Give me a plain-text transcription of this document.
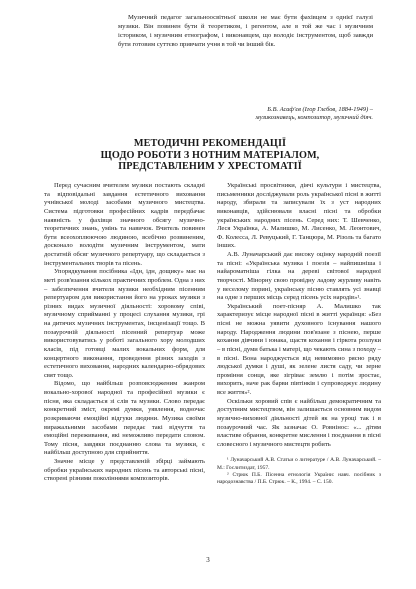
Музичний педагог загальноосвітньої школи не має бути фахівцем з однієї галузі музики. Він повинен бути й теоретиком, і регентом, але в той же час і музичним істориком, і музичним етнографом, і виконавцем, що володіє інструментом, щоб завжди бути готовим суттєво привчати учня в той чи інший бік.

Б.В. Асаф'єв (Ігор Глєбов, 1884-1949) –
музикознавець, композитор, музичний діяч.
МЕТОДИЧНІ РЕКОМЕНДАЦІЇ
ЩОДО РОБОТИ З НОТНИМ МАТЕРІАЛОМ,
ПРЕДСТАВЛЕНИМ У ХРЕСТОМАТІЇ

Перед сучасним вчителем музики постають складні та відповідальні завдання естетичного виховання учнівської молоді засобами музичного мистецтва. Система підготовки професійних кадрів передбачає наявність у фахівця значного обсягу музично-теоретичних знань, умінь та навичок. Вчитель повинен бути всеохоплюючою людиною, всебічно розвиненим, досконало володіти музичним інструментом, мати достатній обсяг музичного репертуару, що складається з інструментальних творів та пісень.

Упорядкування посібника «Ідн, ідн, дощику» має на меті розв'язання кількох практичних проблем. Одна з них – забезпечення вчителя музики необхідним пісенним репертуаром для використання його на уроках музики з різних видах музичної діяльності: хоровому співі, музичному сприйманні у процесі слухання музики, грі на дитячих музичних інструментах, інсценізації тощо. В позаурочній діяльності пісенний репертуар може використовуватись у роботі загального хору молодших класів, під готовці малих вокальних форм, для концертного виконання, проведення різних заходів з естетичного виховання, народних календарно-обрядових свят тощо.

Відомо, що найбільш розповсюдженим жанром вокально-хорової народної та професійної музики є пісня, яка складається зі слів та музики. Слово передає конкретний зміст, окремі думки, уявлення, водночас розкриваючи емоційні відгуки людини. Музика своїми виражальними засобами передає такі відчуття та емоційні переживання, які неможливо передати словом. Тому пісня, завдяки поєднанню слова та музики, є найбільш доступною для сприйняття.

Значне місце у представленій збірці займають обробки українських народних пісень та авторські пісні, створені різними поколіннями композиторів.

Українські просвітники, діячі культури і мистецтва, письменники досліджували роль української пісні в житті народу, збирали та записували їх з уст народних виконавців, здійснювали власні пісні та обробки українських народних пісень. Серед них: Т. Шевченко, Леся Українка, А. Малишко, М. Лисенко, М. Леонтович, Ф. Колесса, Л. Ревуцький, Г. Танцюра, М. Різоль та багато інших.

А.В. Луначарський дає високу оцінку народній поезії та пісні: «Українська музика і поезія – найпишніша і найароматніша гілка на дереві світової народної творчості. Мінорну свою провідну ладову журливу навіть у веселому порині, українську пісню ставлять усі знавці на одне з перших місць серед пісень усіх народів»¹.

Український поет-пісняр А. Малишко так характеризує місце народної пісні в житті українця: «Без пісні не можна уявити духовного існування нашого народу. Народження людини пов'язане з піснею, перше кохання дівчини і юнака, щастя кохання і гіркота розлуки – в пісні, думи батька і матері, що чекають сина з походу – в пісні. Вона народжується від невимовно рясно ряду людської думки і душі, як зелене листя саду, чи зерне проміння сонця, яке зігріває землю і потім зростає, вихорить, наче рак барви півтінків і супроводжує людину все життя»².

Оскільки хоровий спів є найбільш демократичним та доступним мистецтвом, він залишається основним видом музично-виховної діяльності дітей як на уроці так і в позаурочний час. Як зазначає О. Ровнінос: «... дітям властиве обрання, конкретне мислення і поєднання в пісні словесного і музичного мистецтв робить

¹ Луначарський А.В. Статьи о литературе / А.В. Луначарський. – М.: Гослитиздат, 1957.

² Стрюк П.Б. Пісенна етнологія України: навч. посібник з народознавства / П.Б. Стрюк. – К., 1994. – С. 150.

3
